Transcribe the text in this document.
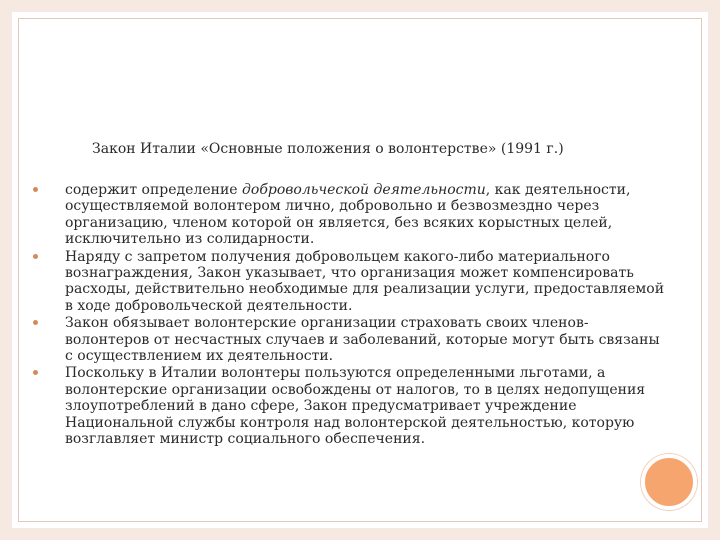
Закон Италии «Основные положения о волонтерстве» (1991 г.)
содержит определение добровольческой деятельности, как деятельности, осуществляемой волонтером лично, добровольно и безвозмездно через организацию, членом которой он является, без всяких корыстных целей, исключительно из солидарности.
Наряду с запретом получения добровольцем какого-либо материального вознаграждения, Закон указывает, что организация может компенсировать расходы, действительно необходимые для реализации услуги, предоставляемой в ходе добровольческой деятельности.
Закон обязывает волонтерские организации страховать своих членов-волонтеров от несчастных случаев и заболеваний, которые могут быть связаны с осуществлением их деятельности.
Поскольку в Италии волонтеры пользуются определенными льготами, а волонтерские организации освобождены от налогов, то в целях недопущения злоупотреблений в дано сфере, Закон предусматривает учреждение Национальной службы контроля над волонтерской деятельностью, которую возглавляет министр социального обеспечения.
